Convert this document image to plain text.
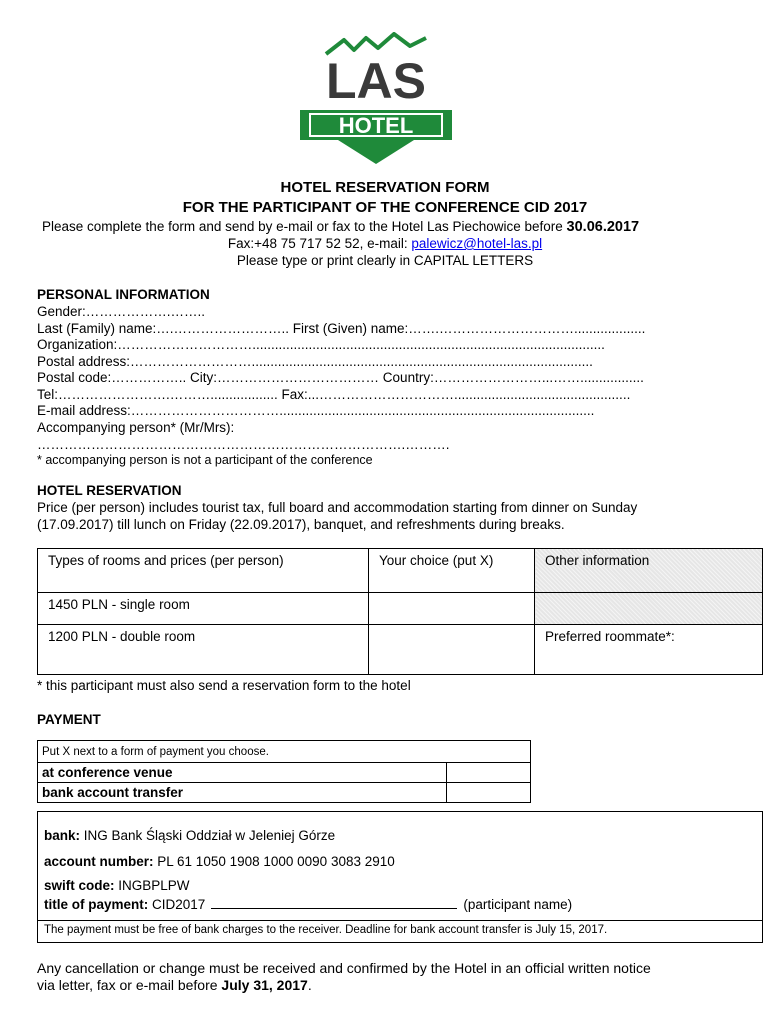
LAS
HOTEL
HOTEL RESERVATION FORM
FOR THE PARTICIPANT OF THE CONFERENCE CID 2017
Please complete the form and send by e-mail or fax to the Hotel Las Piechowice before 30.06.2017
Fax:+48 75 717 52 52, e-mail: palewicz@hotel-las.pl
Please type or print clearly in CAPITAL LETTERS
PERSONAL INFORMATION
Gender:……………….……..
Last (Family) name:….…………………….. First (Given) name:…….…………………………...................
Organization:…………………………..............................................................................................
Postal address:………………………...........................................................................................
Postal code:…………….. City:……………………………… Country:……………………...…….................
Tel:…………………….……….................. Fax:...…………………………...............................................
E-mail address:……………………………....................................................................................
Accompanying person* (Mr/Mrs):
……………………………………………………………………….……….
* accompanying person is not a participant of the conference
HOTEL RESERVATION
Price (per person) includes tourist tax, full board and accommodation starting from dinner on Sunday
(17.09.2017) till lunch on Friday (22.09.2017), banquet, and refreshments during breaks.
Types of rooms and prices (per person)	Your choice (put X)	Other information
1450 PLN - single room		
1200 PLN - double room		Preferred roommate*:
* this participant must also send a reservation form to the hotel
PAYMENT
Put X next to a form of payment you choose.	
at conference venue	
bank account transfer	
bank: ING Bank Śląski Oddział w Jeleniej Górze
account number: PL 61 1050 1908 1000 0090 3083 2910
swift code: INGBPLPW
title of payment: CID2017	(participant name)
The payment must be free of bank charges to the receiver. Deadline for bank account transfer is July 15, 2017.
Any cancellation or change must be received and confirmed by the Hotel in an official written notice
via letter, fax or e-mail before July 31, 2017.
